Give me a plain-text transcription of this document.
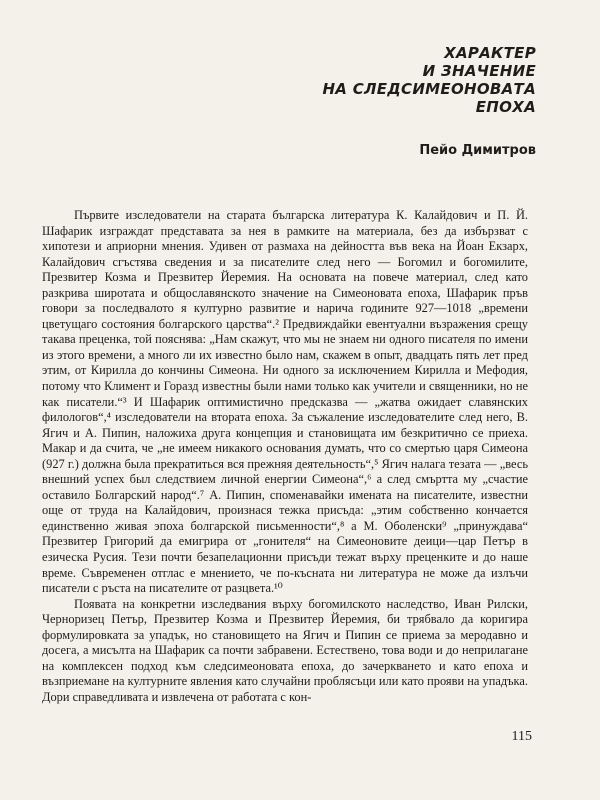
ХАРАКТЕР
И ЗНАЧЕНИЕ
НА СЛЕДСИМЕОНОВАТА
ЕПОХА
Пейо Димитров

Първите изследователи на старата българска литература К. Калайдович и П. Й. Шафарик изграждат представата за нея в рамките на материала, без да избързват с хипотези и априорни мнения. Удивен от размаха на дейността във века на Йоан Екзарх, Калайдович сгъстява сведения и за писателите след него — Богомил и богомилите, Презвитер Козма и Презвитер Йеремия. На основата на повече материал, след като разкрива широтата и общославянското значение на Симеоновата епоха, Шафарик пръв говори за последвалото я културно развитие и нарича годините 927—1018 „времени цветущаго состояния болгарского царства“.² Предвиждайки евентуални възражения срещу такава преценка, той пояснява: „Нам скажут, что мы не знаем ни одного писателя по имени из этого времени, а много ли их известно было нам, скажем в опыт, двадцать пять лет пред этим, от Кирилла до кончины Симеона. Ни одного за исключением Кирилла и Мефодия, потому что Климент и Горазд известны были нами только как учители и священники, но не как писатели.“³ И Шафарик оптимистично предсказва — „жатва ожидает славянских филологов“,⁴ изследователи на втората епоха. За съжаление изследователите след него, В. Ягич и А. Пипин, наложиха друга концепция и становищата им безкритично се приеха. Макар и да счита, че „не имеем никакого основания думать, что со смертью царя Симеона (927 г.) должна была прекратиться вся прежняя деятельность“,⁵ Ягич налага тезата — „весь внешний успех был следствием личной енергии Симеона“,⁶ а след смъртта му „счастие оставило Болгарский народ“.⁷ А. Пипин, споменавайки имената на писателите, известни още от труда на Калайдович, произнася тежка присъда: „этим собственно кончается единственно живая эпоха болгарской письменности“,⁸ а М. Оболенски⁹ „принуждава“ Презвитер Григорий да емигрира от „гонителя“ на Симеоновите деици—цар Петър в езическа Русия. Тези почти безапелационни присъди тежат върху преценките и до наше време. Съвременен отглас е мнението, че по-късната ни литература не може да излъчи писатели с ръста на писателите от разцвета.¹⁰

Появата на конкретни изследвания върху богомилското наследство, Иван Рилски, Черноризец Петър, Презвитер Козма и Презвитер Йеремия, би трябвало да коригира формулировката за упадък, но становището на Ягич и Пипин се приема за меродавно и досега, а мисълта на Шафарик са почти забравени. Естествено, това води и до неприлагане на комплексен подход към следсимеоновата епоха, до зачеркването и като епоха и възприемане на културните явления като случайни проблясъци или като прояви на упадъка. Дори справедливата и извлечена от работата с кон-

115
